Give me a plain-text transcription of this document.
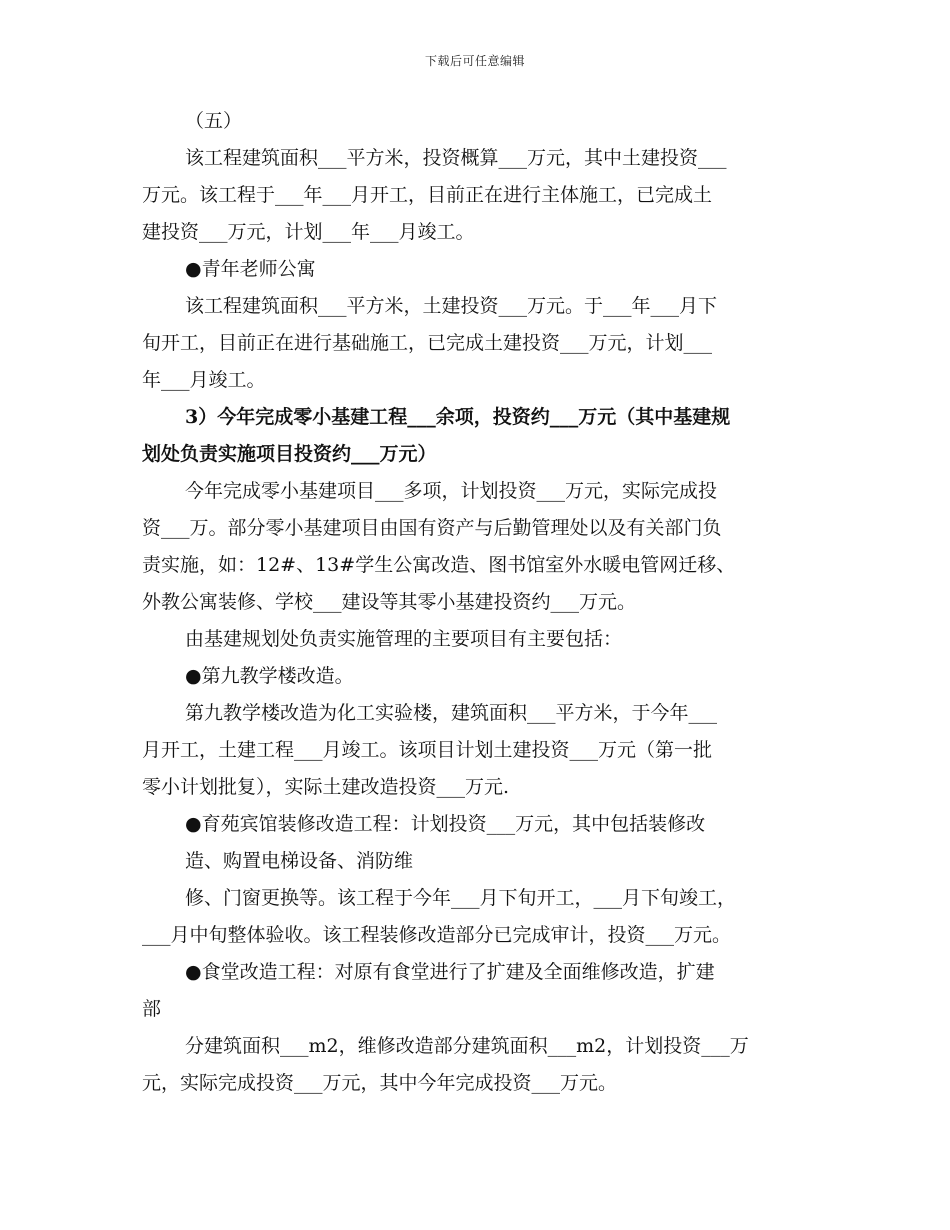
下载后可任意编辑
（五）
该工程建筑面积___平方米，投资概算___万元，其中土建投资___
万元。该工程于___年___月开工，目前正在进行主体施工，已完成土
建投资___万元，计划___年___月竣工。
●青年老师公寓
该工程建筑面积___平方米，土建投资___万元。于___年___月下
旬开工，目前正在进行基础施工，已完成土建投资___万元，计划___
年___月竣工。
3）今年完成零小基建工程___余项，投资约___万元（其中基建规
划处负责实施项目投资约___万元）
今年完成零小基建项目___多项，计划投资___万元，实际完成投
资___万。部分零小基建项目由国有资产与后勤管理处以及有关部门负
责实施，如：12#、13#学生公寓改造、图书馆室外水暖电管网迁移、
外教公寓装修、学校___建设等其零小基建投资约___万元。
由基建规划处负责实施管理的主要项目有主要包括：
●第九教学楼改造。
第九教学楼改造为化工实验楼，建筑面积___平方米，于今年___
月开工，土建工程___月竣工。该项目计划土建投资___万元（第一批
零小计划批复），实际土建改造投资___万元.
●育苑宾馆装修改造工程：计划投资___万元，其中包括装修改
造、购置电梯设备、消防维
修、门窗更换等。该工程于今年___月下旬开工，___月下旬竣工，
___月中旬整体验收。该工程装修改造部分已完成审计，投资___万元。
●食堂改造工程：对原有食堂进行了扩建及全面维修改造，扩建
部
分建筑面积___m2，维修改造部分建筑面积___m2，计划投资___万
元，实际完成投资___万元，其中今年完成投资___万元。
